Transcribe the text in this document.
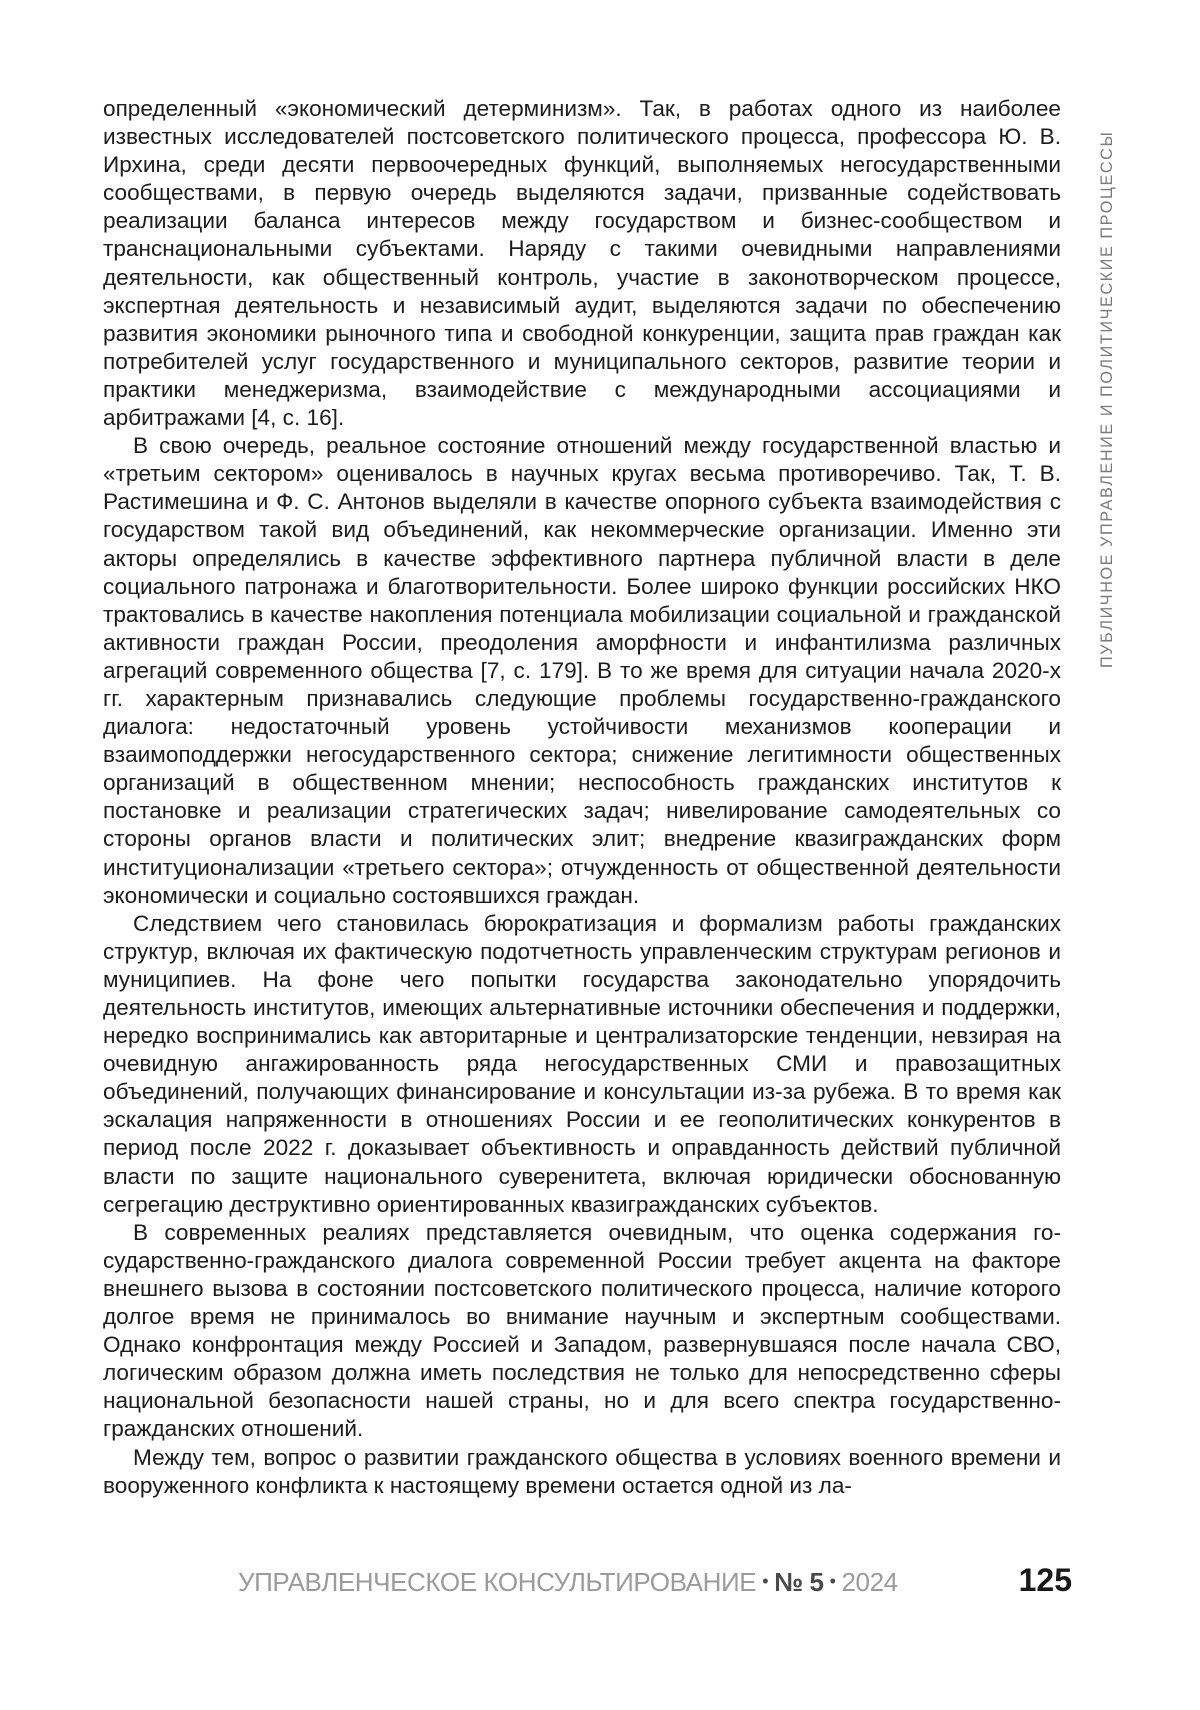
ПУБЛИЧНОЕ УПРАВЛЕНИЕ И ПОЛИТИЧЕСКИЕ ПРОЦЕССЫ

определенный «экономический детерминизм». Так, в работах одного из наиболее известных исследователей постсоветского политического процесса, профессора Ю. В. Ирхина, среди десяти первоочередных функций, выполняемых негосударственными сообществами, в первую очередь выделяются задачи, призванные содействовать реализации баланса интересов между государством и бизнес-сообществом и транснациональными субъектами. Наряду с такими очевидными направлениями деятельности, как общественный контроль, участие в законотворческом процессе, экспертная деятельность и независимый аудит, выделяются задачи по обеспечению развития экономики рыночного типа и свободной конкуренции, защита прав граждан как потребителей услуг государственного и муниципального секторов, развитие теории и практики менеджеризма, взаимодействие с международными ассоциациями и арбитражами [4, с. 16].

В свою очередь, реальное состояние отношений между государственной властью и «третьим сектором» оценивалось в научных кругах весьма противоречиво. Так, Т. В. Растимешина и Ф. С. Антонов выделяли в качестве опорного субъекта взаимодействия с государством такой вид объединений, как некоммерческие организации. Именно эти акторы определялись в качестве эффективного партнера публичной власти в деле социального патронажа и благотворительности. Более широко функции российских НКО трактовались в качестве накопления потенциала мобилизации социальной и гражданской активности граждан России, преодоления аморфности и инфантилизма различных агрегаций современного общества [7, с. 179]. В то же время для ситуации начала 2020-х гг. характерным признавались следующие проблемы государственно-гражданского диалога: недостаточный уровень устойчивости механизмов кооперации и взаимоподдержки негосударственного сектора; снижение легитимности общественных организаций в общественном мнении; неспособность гражданских институтов к постановке и реализации стратегических задач; нивелирование самодеятельных со стороны органов власти и политических элит; внедрение квазигражданских форм институционализации «третьего сектора»; отчужденность от общественной деятельности экономически и социально состоявшихся граждан.

Следствием чего становилась бюрократизация и формализм работы гражданских структур, включая их фактическую подотчетность управленческим структурам регионов и муниципиев. На фоне чего попытки государства законодательно упорядочить деятельность институтов, имеющих альтернативные источники обеспечения и поддержки, нередко воспринимались как авторитарные и централизаторские тенденции, невзирая на очевидную ангажированность ряда негосударственных СМИ и правозащитных объединений, получающих финансирование и консультации из-за рубежа. В то время как эскалация напряженности в отношениях России и ее геополитических конкурентов в период после 2022 г. доказывает объективность и оправданность действий публичной власти по защите национального суверенитета, включая юридически обоснованную сегрегацию деструктивно ориентированных квазигражданских субъектов.

В современных реалиях представляется очевидным, что оценка содержания государственно-гражданского диалога современной России требует акцента на факторе внешнего вызова в состоянии постсоветского политического процесса, наличие которого долгое время не принималось во внимание научным и экспертным сообществами. Однако конфронтация между Россией и Западом, развернувшаяся после начала СВО, логическим образом должна иметь последствия не только для непосредственно сферы национальной безопасности нашей страны, но и для всего спектра государственно-гражданских отношений.

Между тем, вопрос о развитии гражданского общества в условиях военного времени и вооруженного конфликта к настоящему времени остается одной из ла-

УПРАВЛЕНЧЕСКОЕ КОНСУЛЬТИРОВАНИЕ • № 5 • 2024	125
